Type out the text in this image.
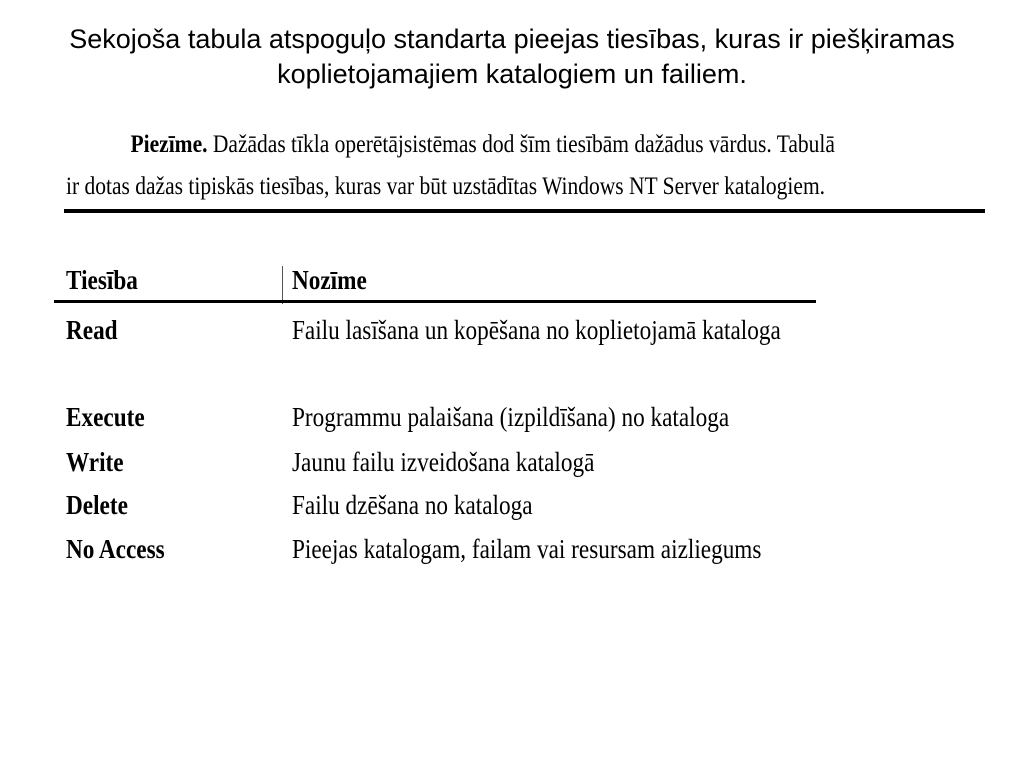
Sekojoša tabula atspoguļo standarta pieejas tiesības, kuras ir piešķiramas koplietojamajiem katalogiem un failiem.

Piezīme. Dažādas tīkla operētājsistēmas dod šīm tiesībām dažādus vārdus. Tabulā ir dotas dažas tipiskās tiesības, kuras var būt uzstādītas Windows NT Server katalogiem.

Tiesība	Nozīme
Read	Failu lasīšana un kopēšana no koplietojamā kataloga
Execute	Programmu palaišana (izpildīšana) no kataloga
Write	Jaunu failu izveidošana katalogā
Delete	Failu dzēšana no kataloga
No Access	Pieejas katalogam, failam vai resursam aizliegums
